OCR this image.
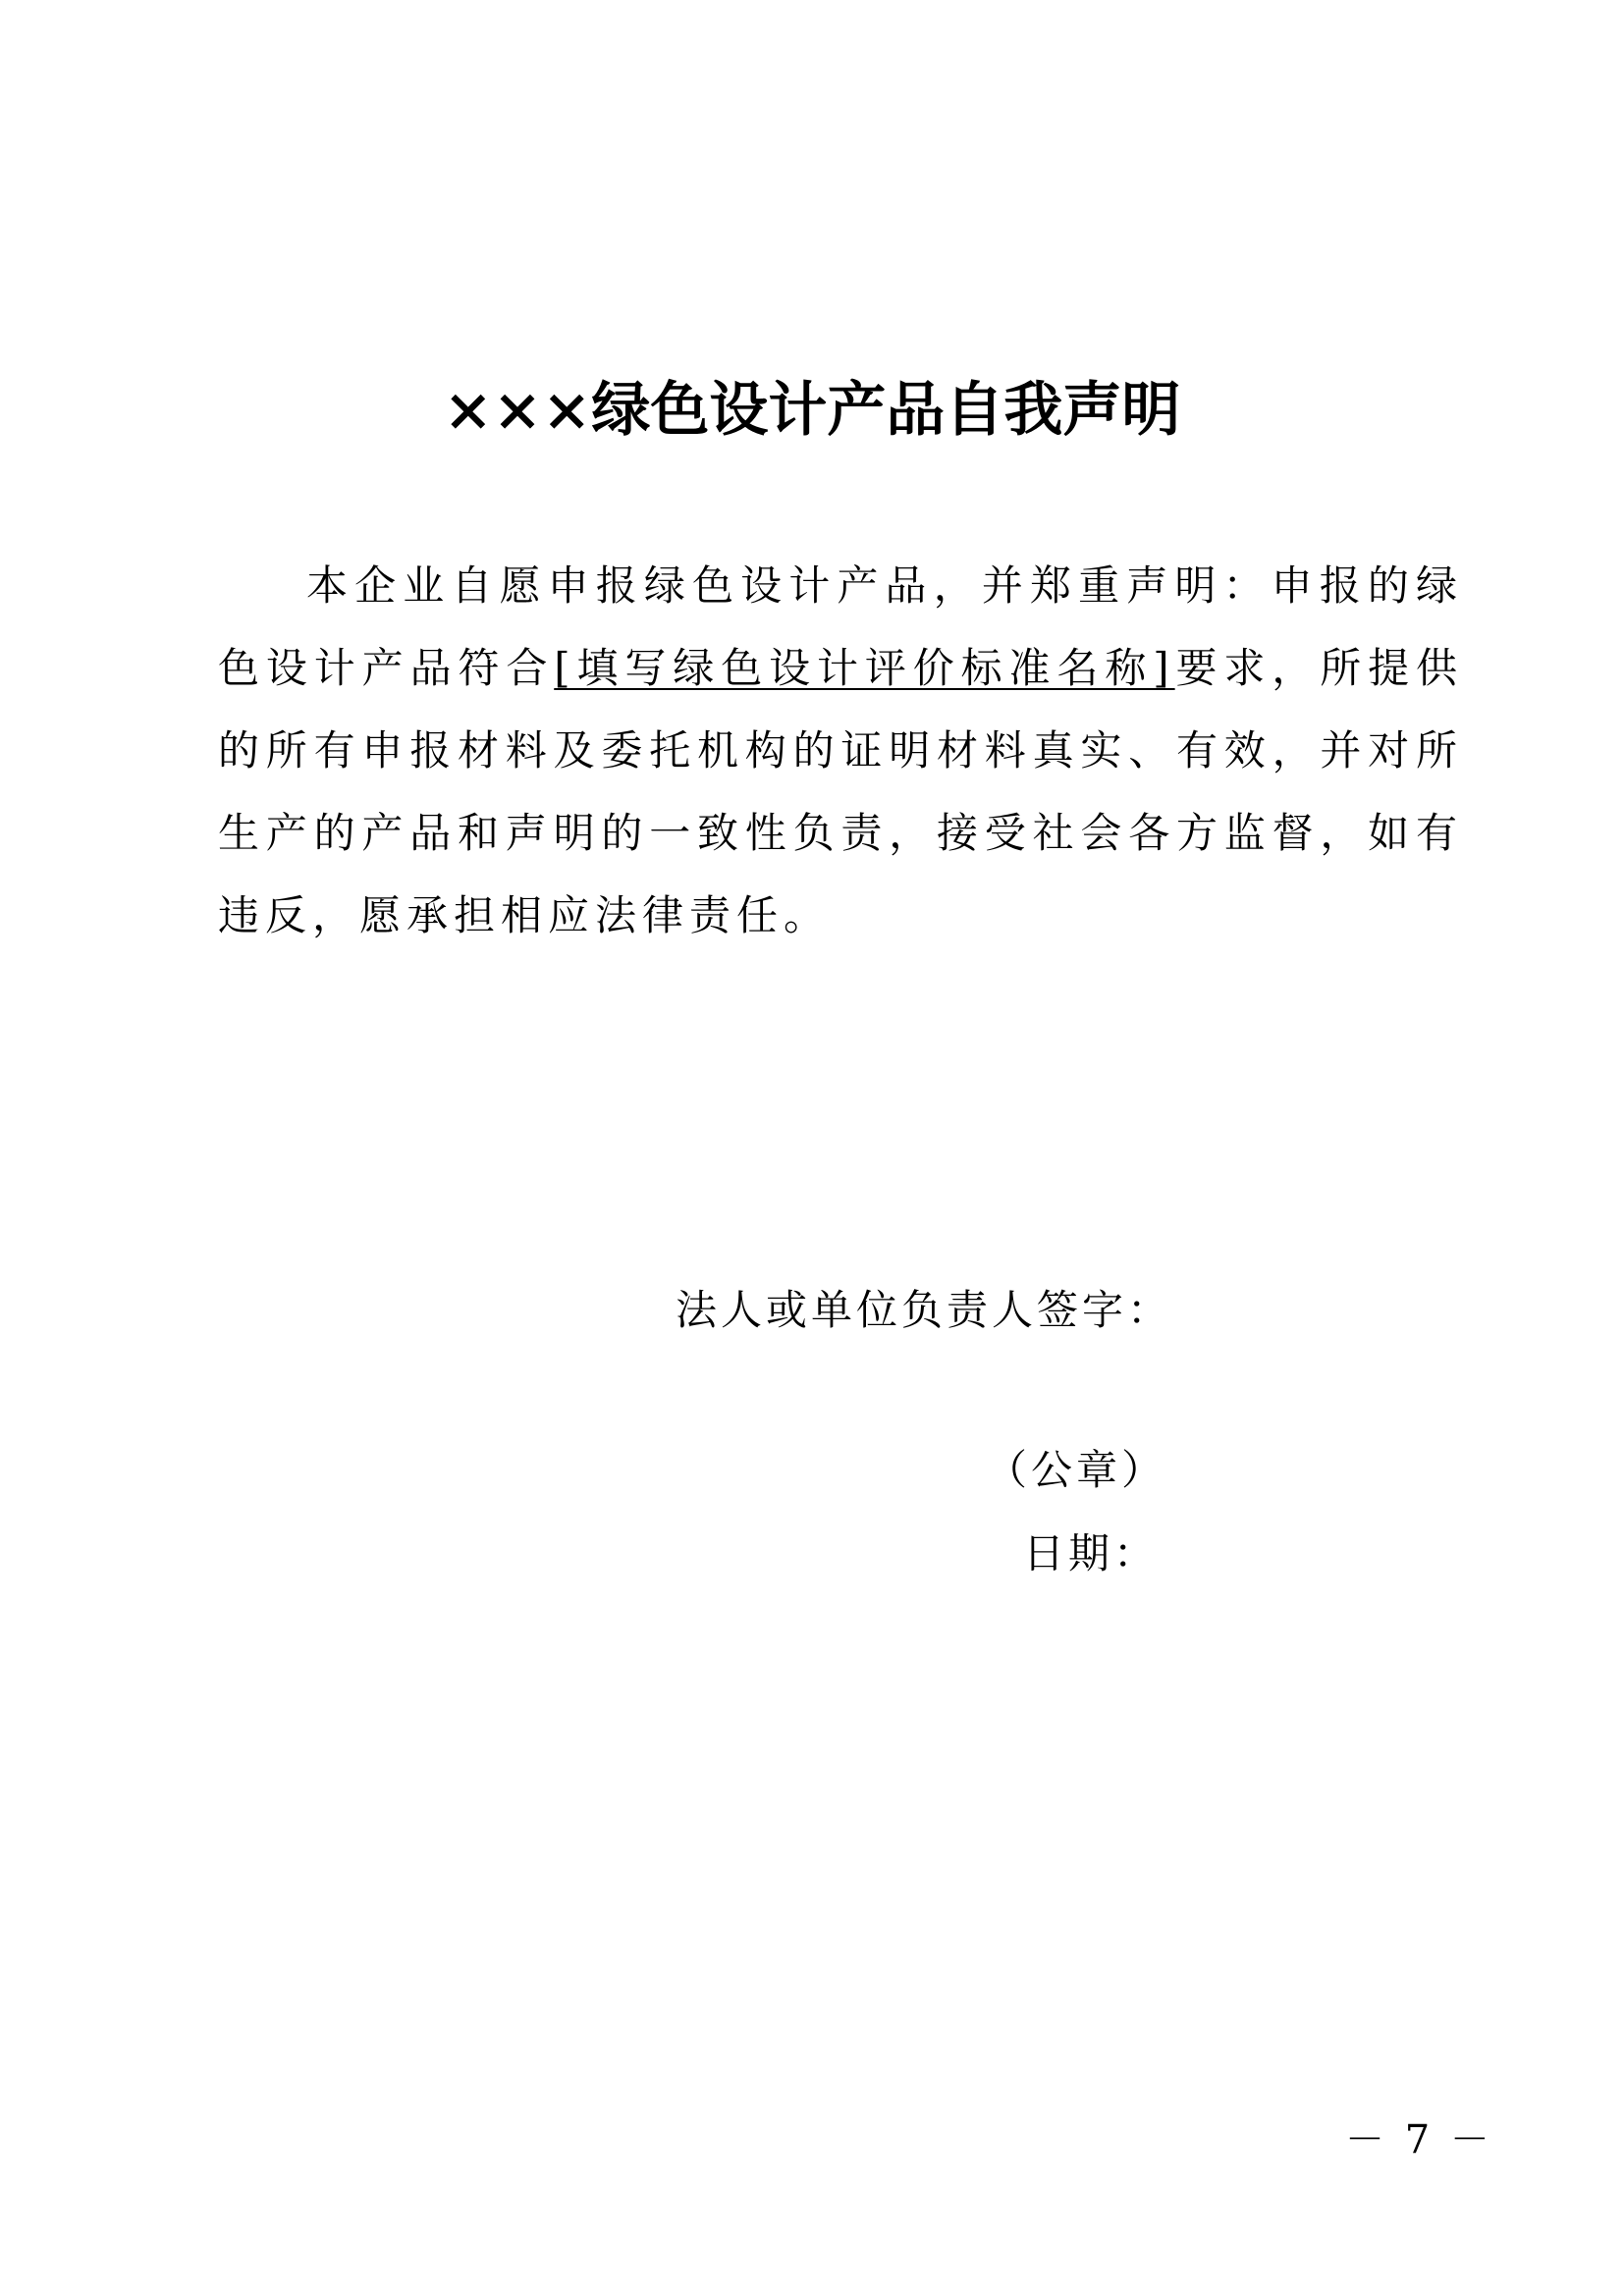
×××绿色设计产品自我声明

本企业自愿申报绿色设计产品，并郑重声明：申报的绿色设计产品符合[填写绿色设计评价标准名称]要求，所提供的所有申报材料及委托机构的证明材料真实、有效，并对所生产的产品和声明的一致性负责，接受社会各方监督，如有违反，愿承担相应法律责任。

法人或单位负责人签字：
（公章）
日期：
－ 7 －
